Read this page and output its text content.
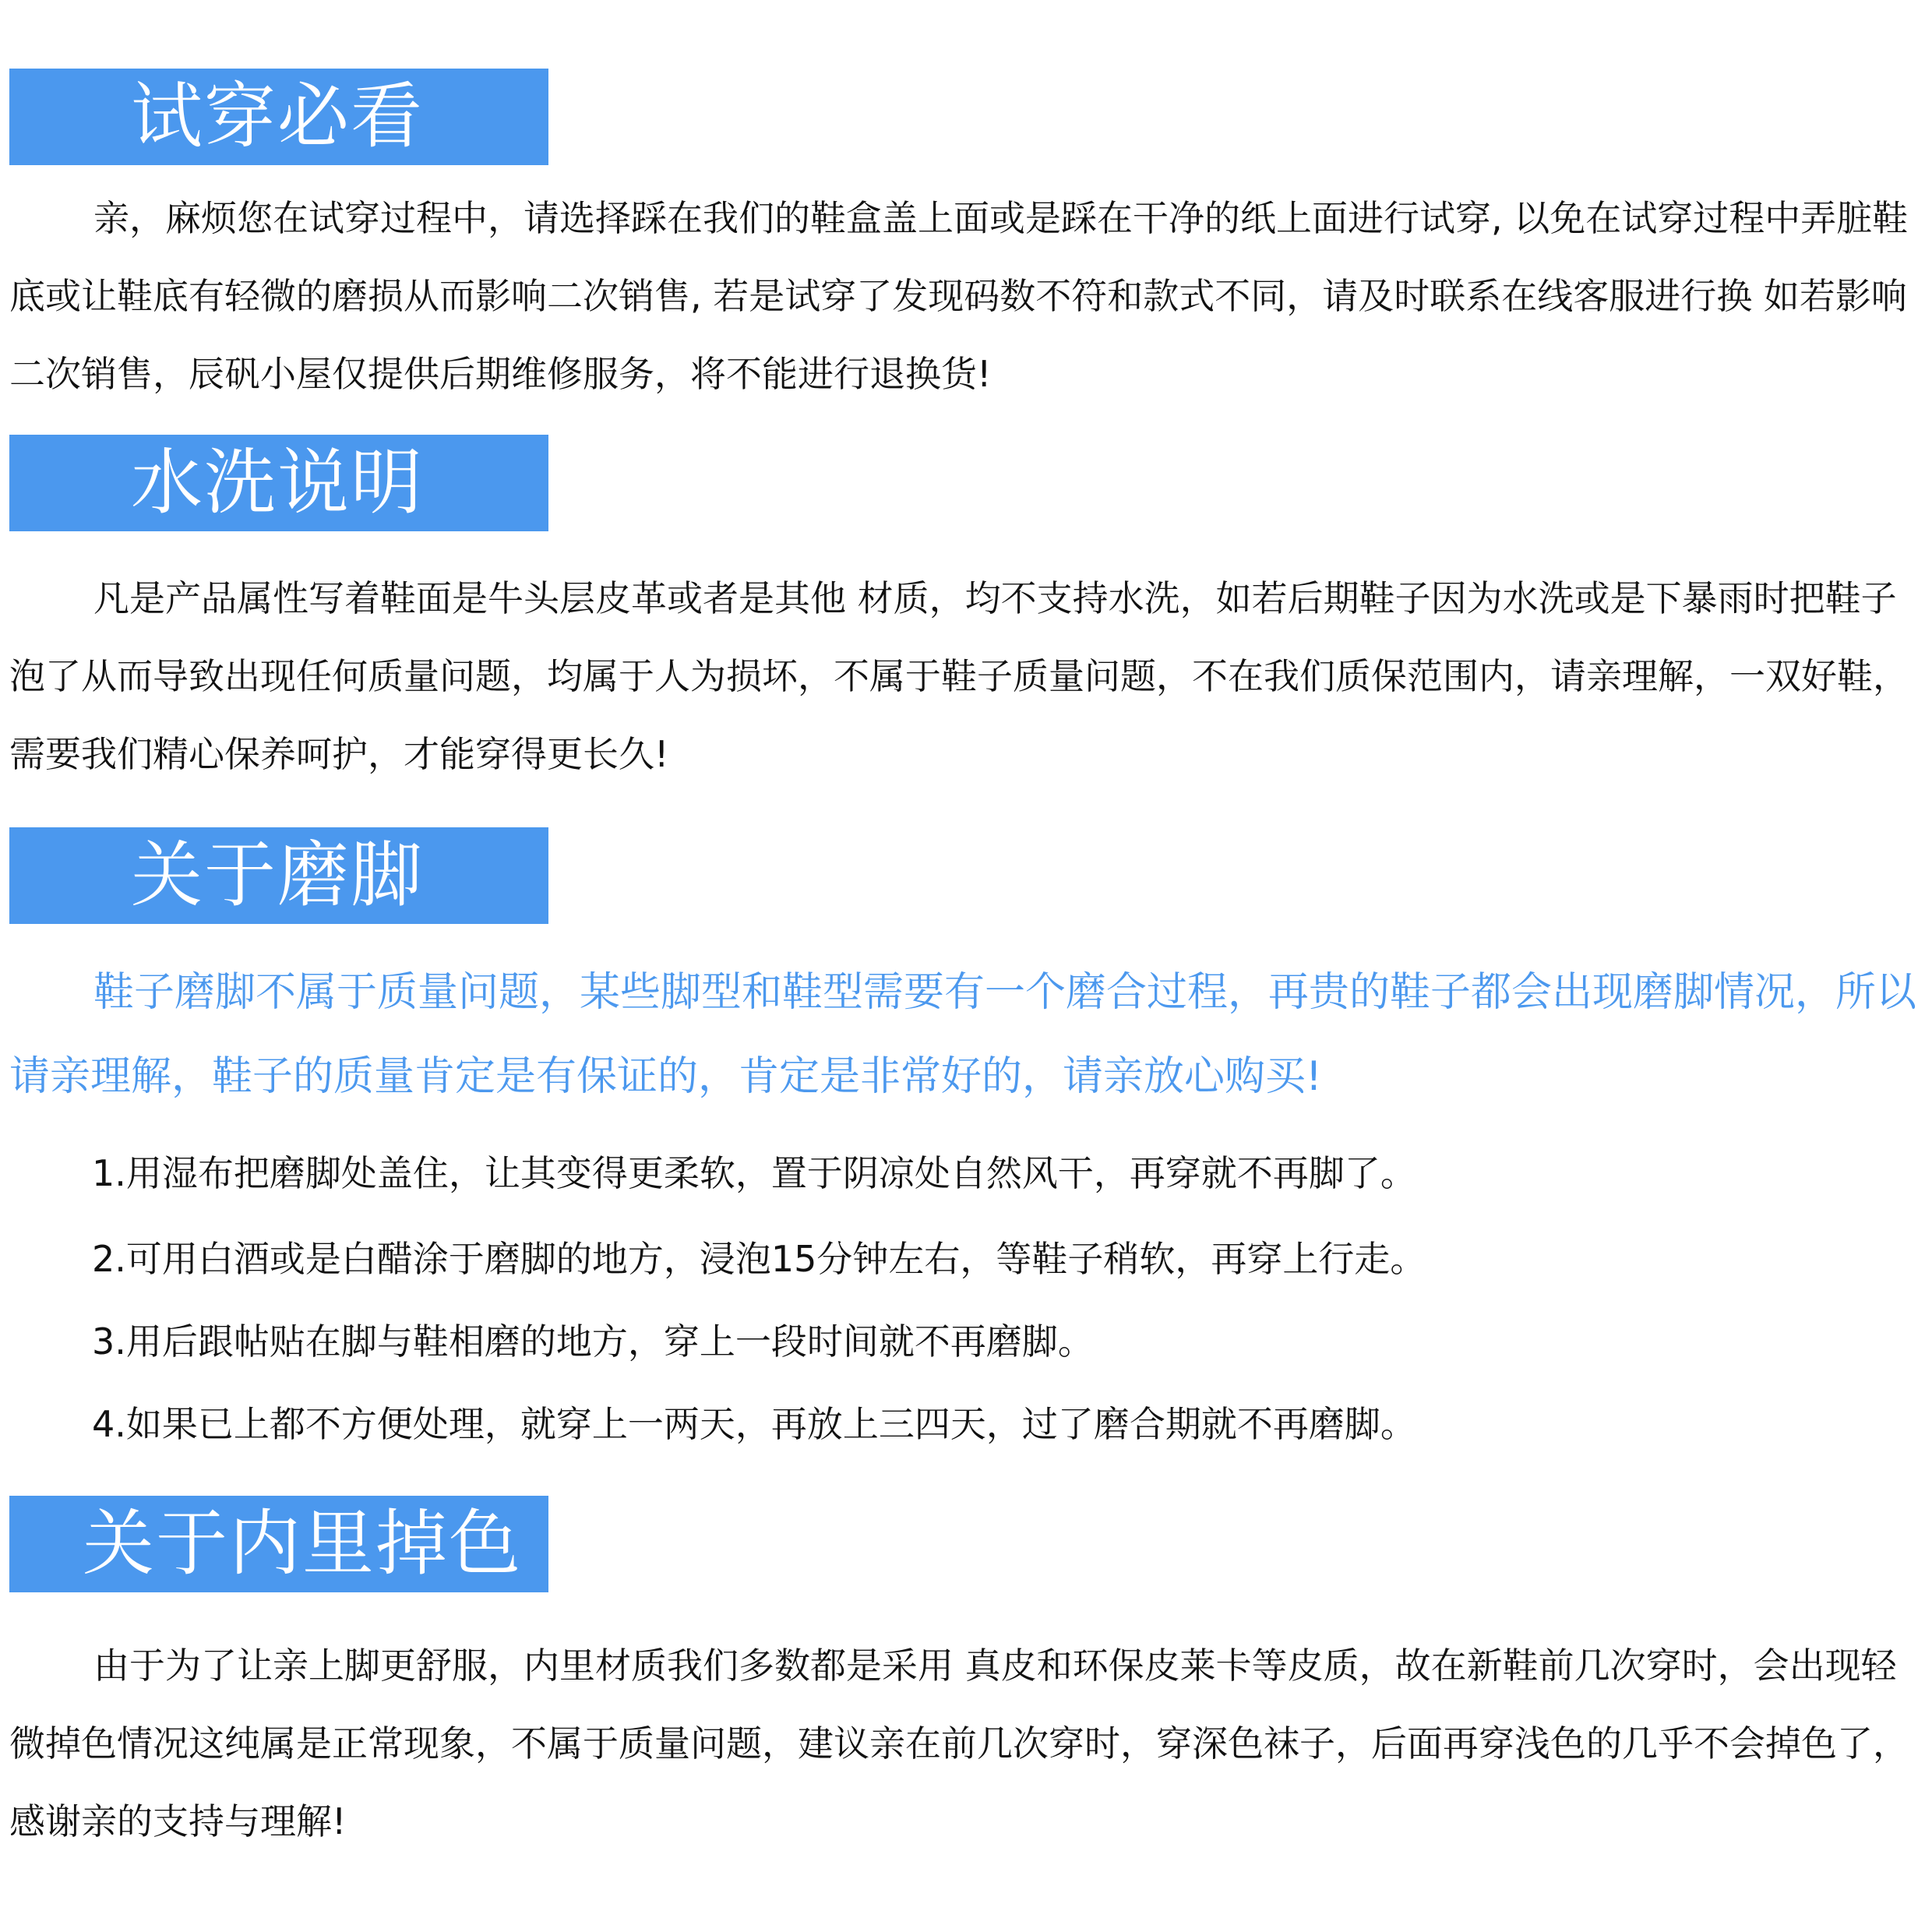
试穿必看

亲，麻烦您在试穿过程中，请选择踩在我们的鞋盒盖上面或是踩在干净的纸上面进行试穿, 以免在试穿过程中弄脏鞋底或让鞋底有轻微的磨损从而影响二次销售, 若是试穿了发现码数不符和款式不同，请及时联系在线客服进行换 如若影响二次销售，辰矾小屋仅提供后期维修服务，将不能进行退换货!

水洗说明

凡是产品属性写着鞋面是牛头层皮革或者是其他 材质，均不支持水洗，如若后期鞋子因为水洗或是下暴雨时把鞋子泡了从而导致出现任何质量问题，均属于人为损坏，不属于鞋子质量问题，不在我们质保范围内，请亲理解，一双好鞋，需要我们精心保养呵护，才能穿得更长久!

关于磨脚

鞋子磨脚不属于质量问题，某些脚型和鞋型需要有一个磨合过程，再贵的鞋子都会出现磨脚情况，所以请亲理解，鞋子的质量肯定是有保证的，肯定是非常好的，请亲放心购买!

1.用湿布把磨脚处盖住，让其变得更柔软，置于阴凉处自然风干，再穿就不再脚了。

2.可用白酒或是白醋涂于磨脚的地方，浸泡15分钟左右，等鞋子稍软，再穿上行走。

3.用后跟帖贴在脚与鞋相磨的地方，穿上一段时间就不再磨脚。

4.如果已上都不方便处理，就穿上一两天，再放上三四天，过了磨合期就不再磨脚。

关于内里掉色

由于为了让亲上脚更舒服，内里材质我们多数都是采用 真皮和环保皮莱卡等皮质，故在新鞋前几次穿时，会出现轻微掉色情况这纯属是正常现象，不属于质量问题，建议亲在前几次穿时，穿深色袜子，后面再穿浅色的几乎不会掉色了，感谢亲的支持与理解!
